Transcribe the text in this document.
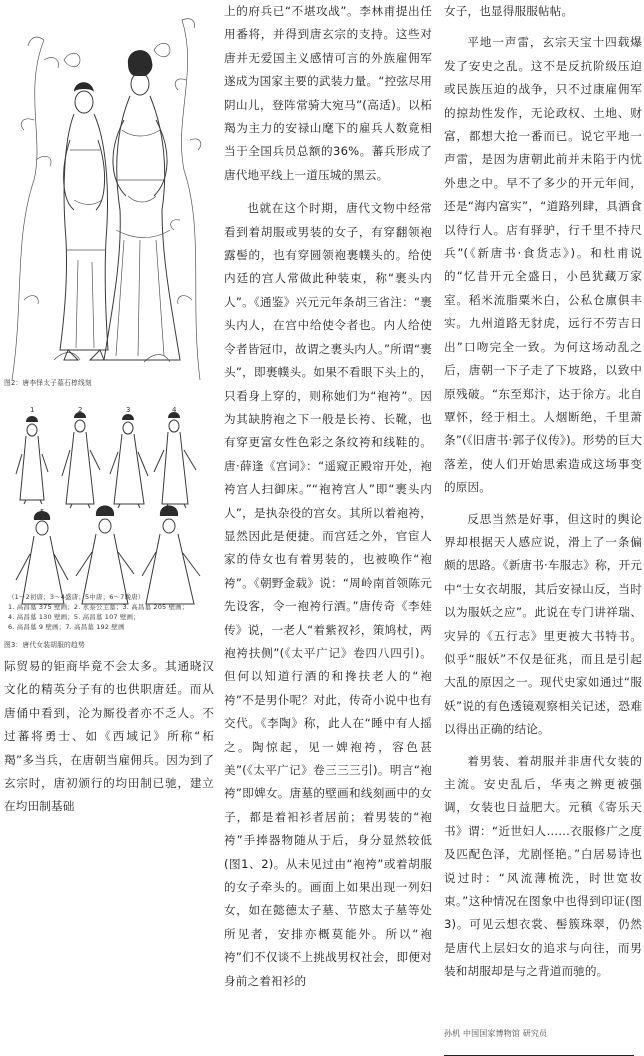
图2：唐李怿太子墓石椁线刻

1	2	3	4
5	6	7

（1～2初唐；3～4盛唐；5中唐；6～7晚唐）

1. 高昌墓 375 壁画；2. 永泰公主墓；3. 高昌墓 205 壁画；

4. 高昌墓 130 壁画；5. 高昌墓 107 壁画；

6. 高昌墓 9 壁画；7. 高昌墓 192 壁画

图3：唐代女装胡服的趋势

际贸易的钜商毕竟不会太多。其通晓汉文化的精英分子有的也供职唐廷。而从唐俑中看到，沦为厮役者亦不乏人。不过蕃将勇士、如《西域记》所称“柘羯”多当兵，在唐朝当雇佣兵。因为到了玄宗时，唐初颁行的均田制已驰，建立在均田制基础

上的府兵已“不堪攻战”。李林甫提出任用番将，并得到唐玄宗的支持。这些对唐并无爱国主义感情可言的外族雇佣军遂成为国家主要的武装力量。“控弦尽用阴山儿，登阵常骑大宛马”(高适)。以柘羯为主力的安禄山麾下的雇兵人数竟相当于全国兵员总额的36%。蕃兵形成了唐代地平线上一道压城的黑云。

也就在这个时期，唐代文物中经常看到着胡服或男装的女子，有穿翻领袍露髻的，也有穿圆领袍裹幞头的。给使内廷的宫人常做此种装束，称“裹头内人”。《通鉴》兴元元年条胡三省注：“裹头内人，在宫中给使令者也。内人给使令者皆冠巾，故谓之裹头内人。”所谓“裹头”，即裹幞头。如果不看眼下头上的，只看身上穿的，则称她们为“袍袴”。因为其缺胯袍之下一般是长袴、长靴，也有穿更富女性色彩之条纹袴和线鞋的。唐·薛逢《宫词》：“遥窥正殿帘开处，袍袴宫人扫御床。”“袍袴宫人”即“裹头内人”，是执杂役的宫女。其所以着袍袴，显然因此是便捷。而宫廷之外，官宦人家的侍女也有着男装的，也被唤作“袍袴”。《朝野金载》说：“周岭南首领陈元先设客，令一袍袴行酒。”唐传奇《李娃传》说，一老人“着紫衩衫，策鸠杖，两袍袴扶侧”(《太平广记》卷四八四引)。但何以知道行酒的和搀扶老人的“袍袴”不是男仆呢？对此，传奇小说中也有交代。《李陶》称，此人在“睡中有人摇之。陶惊起，见一婢袍袴，容色甚美”(《太平广记》卷三三三引)。明言“袍袴”即婢女。唐墓的壁画和线刻画中的女子，都是着衵衫者居前；着男装的“袍袴”手捧器物随从于后，身分显然较低(图1、2)。从未见过由“袍袴”或着胡服的女子牵头的。画面上如果出现一列妇女，如在懿德太子墓、节愍太子墓等处所见者，安排亦概莫能外。所以“袍袴”们不仅谈不上挑战男权社会，即便对身前之着衵衫的

女子，也显得服服帖帖。

平地一声雷，玄宗天宝十四载爆发了安史之乱。这不是反抗阶级压迫或民族压迫的战争，只不过康雇佣军的掠劫性发作，无论政权、土地、财富，都想大抢一番而已。说它平地一声雷，是因为唐朝此前并未陷于内忧外患之中。早不了多少的开元年间，还是“海内富实”，“道路列肆，具酒食以待行人。店有驿驴，行千里不持尺兵”(《新唐书·食货志》)。和杜甫说的“忆昔开元全盛日，小邑犹藏万家室。稻米流脂粟米白，公私仓廪俱丰实。九州道路无豺虎，远行不劳吉日出”口吻完全一致。为何这场动乱之后，唐朝一下子走了下坡路，以致中原残破。“东至郑汴，达于徐方。北自覃怀，经于相土。人烟断绝，千里萧条”(《旧唐书·郭子仪传》)。形势的巨大落差，使人们开始思索造成这场事变的原因。

反思当然是好事，但这时的舆论界却根据天人感应说，滑上了一条偏颇的思路。《新唐书·车服志》称，开元中“士女衣胡服，其后安禄山反，当时以为服妖之应”。此说在专门讲祥瑞、灾异的《五行志》里更被大书特书。似乎“服妖”不仅是征兆，而且是引起大乱的原因之一。现代史家如通过“服妖”说的有色透镜观察相关记述，恐难以得出正确的结论。

着男装、着胡服并非唐代女装的主流。安史乱后，华夷之辨更被强调，女装也日益肥大。元稹《寄乐天书》谓：“近世妇人……衣服修广之度及匹配色泽，尤剧怪艳。”白居易诗也说过时：“风流薄梳洗，时世宽妆束。”这种情况在图象中也得到印证(图3)。可见云想衣裳、髻簇珠翠，仍然是唐代上层妇女的追求与向往，而男装和胡服却是与之背道而驰的。

孙机 中国国家博物馆 研究员
